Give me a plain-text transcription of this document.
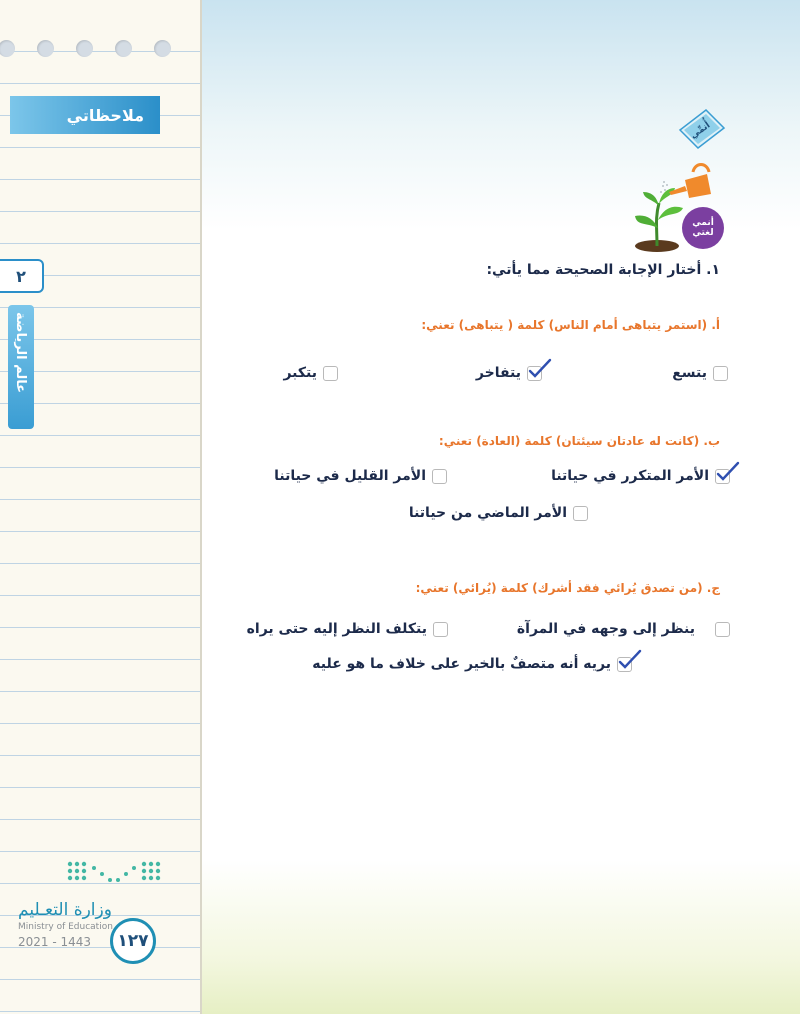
ملاحظاتي
٢
عالم الرياضة
وزارة التعـليم
Ministry of Education
2021 - 1443	١٢٧
أُنمِّي
أنمي
لغتي
١. أختار الإجابة الصحيحة مما يأتي:
أ. (استمر يتباهى أمام الناس) كلمة ( يتباهى) تعني:
يتسع
يتفاخر
يتكبر
ب. (كانت له عادتان سيئتان) كلمة (العادة) تعني:
الأمر المتكرر في حياتنا
الأمر القليل في حياتنا
الأمر الماضي من حياتنا
ج. (من تصدق يُرائي فقد أشرك) كلمة (يُرائي) تعني:
ينظر إلى وجهه في المرآة
يتكلف النظر إليه حتى يراه
يريه أنه متصفٌ بالخير على خلاف ما هو عليه
